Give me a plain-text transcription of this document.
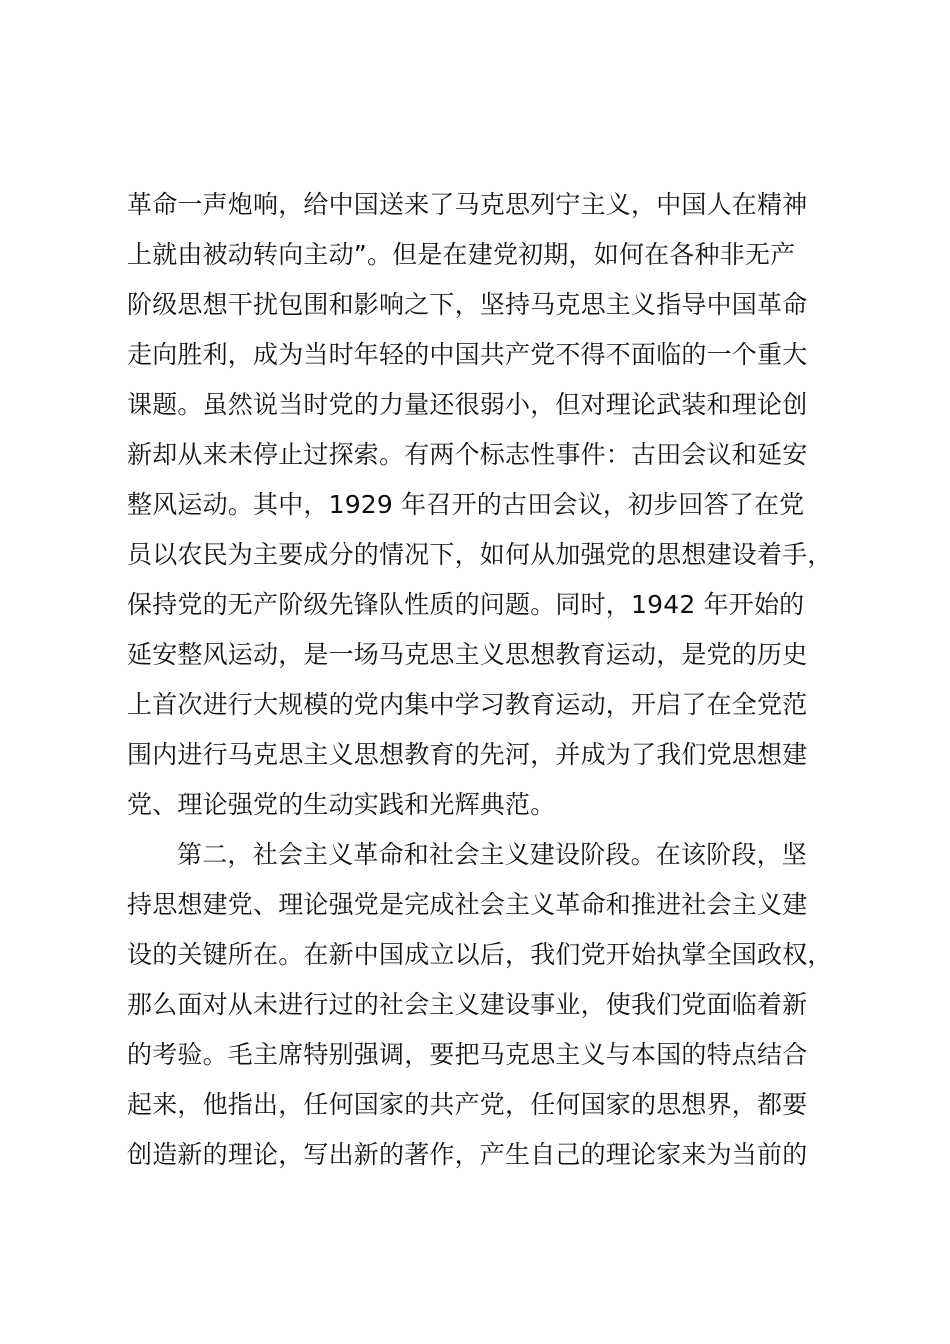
革命一声炮响，给中国送来了马克思列宁主义，中国人在精神
上就由被动转向主动”。但是在建党初期，如何在各种非无产
阶级思想干扰包围和影响之下，坚持马克思主义指导中国革命
走向胜利，成为当时年轻的中国共产党不得不面临的一个重大
课题。虽然说当时党的力量还很弱小，但对理论武装和理论创
新却从来未停止过探索。有两个标志性事件：古田会议和延安
整风运动。其中，1929 年召开的古田会议，初步回答了在党
员以农民为主要成分的情况下，如何从加强党的思想建设着手，
保持党的无产阶级先锋队性质的问题。同时，1942 年开始的
延安整风运动，是一场马克思主义思想教育运动，是党的历史
上首次进行大规模的党内集中学习教育运动，开启了在全党范
围内进行马克思主义思想教育的先河，并成为了我们党思想建
党、理论强党的生动实践和光辉典范。
第二，社会主义革命和社会主义建设阶段。在该阶段，坚
持思想建党、理论强党是完成社会主义革命和推进社会主义建
设的关键所在。在新中国成立以后，我们党开始执掌全国政权，
那么面对从未进行过的社会主义建设事业，使我们党面临着新
的考验。毛主席特别强调，要把马克思主义与本国的特点结合
起来，他指出，任何国家的共产党，任何国家的思想界，都要
创造新的理论，写出新的著作，产生自己的理论家来为当前的
